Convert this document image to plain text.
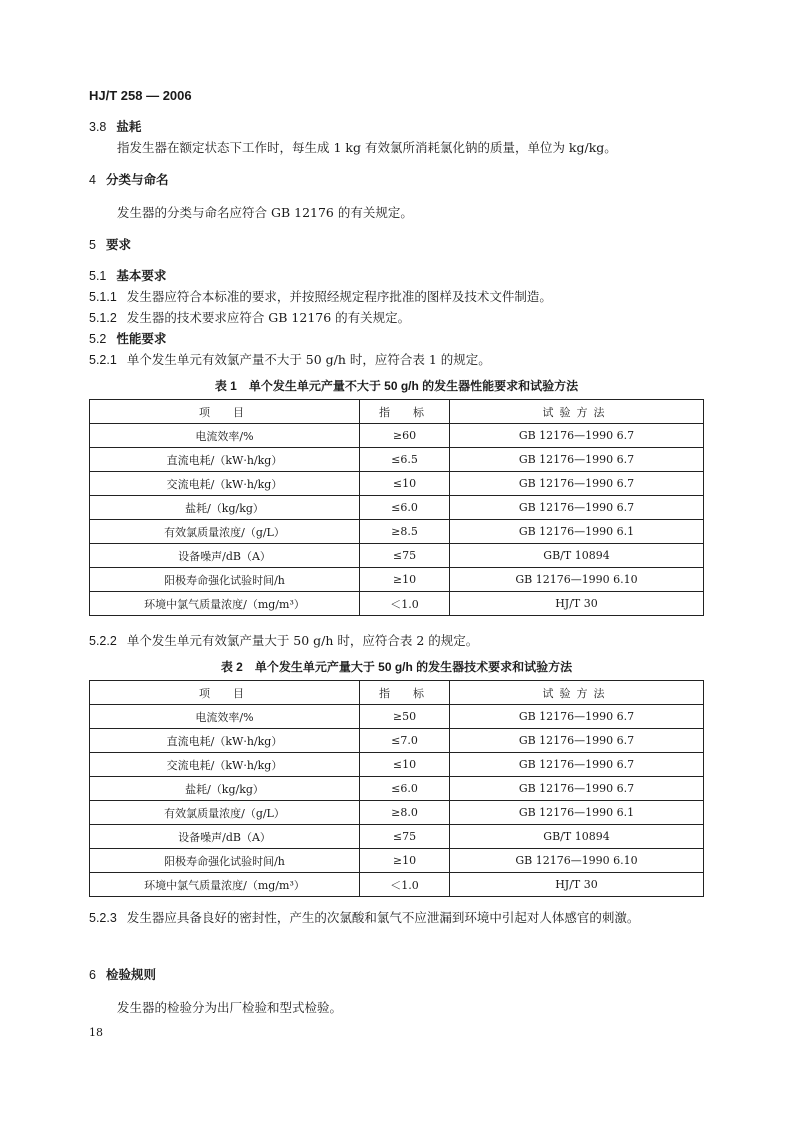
HJ/T 258 — 2006
3.8 盐耗
指发生器在额定状态下工作时，每生成 1 kg 有效氯所消耗氯化钠的质量，单位为 kg/kg。
4 分类与命名
发生器的分类与命名应符合 GB 12176 的有关规定。
5 要求
5.1 基本要求
5.1.1 发生器应符合本标准的要求，并按照经规定程序批准的图样及技术文件制造。
5.1.2 发生器的技术要求应符合 GB 12176 的有关规定。
5.2 性能要求
5.2.1 单个发生单元有效氯产量不大于 50 g/h 时，应符合表 1 的规定。
表 1　单个发生单元产量不大于 50 g/h 的发生器性能要求和试验方法
项　目	指　标	试验方法
电流效率/%	≥60	GB 12176—1990 6.7
直流电耗/（kW·h/kg）	≤6.5	GB 12176—1990 6.7
交流电耗/（kW·h/kg）	≤10	GB 12176—1990 6.7
盐耗/（kg/kg）	≤6.0	GB 12176—1990 6.7
有效氯质量浓度/（g/L）	≥8.5	GB 12176—1990 6.1
设备噪声/dB（A）	≤75	GB/T 10894
阳极寿命强化试验时间/h	≥10	GB 12176—1990 6.10
环境中氯气质量浓度/（mg/m³）	＜1.0	HJ/T 30
5.2.2 单个发生单元有效氯产量大于 50 g/h 时，应符合表 2 的规定。
表 2　单个发生单元产量大于 50 g/h 的发生器技术要求和试验方法
项　目	指　标	试验方法
电流效率/%	≥50	GB 12176—1990 6.7
直流电耗/（kW·h/kg）	≤7.0	GB 12176—1990 6.7
交流电耗/（kW·h/kg）	≤10	GB 12176—1990 6.7
盐耗/（kg/kg）	≤6.0	GB 12176—1990 6.7
有效氯质量浓度/（g/L）	≥8.0	GB 12176—1990 6.1
设备噪声/dB（A）	≤75	GB/T 10894
阳极寿命强化试验时间/h	≥10	GB 12176—1990 6.10
环境中氯气质量浓度/（mg/m³）	＜1.0	HJ/T 30
5.2.3 发生器应具备良好的密封性，产生的次氯酸和氯气不应泄漏到环境中引起对人体感官的刺激。
6 检验规则
发生器的检验分为出厂检验和型式检验。
18
